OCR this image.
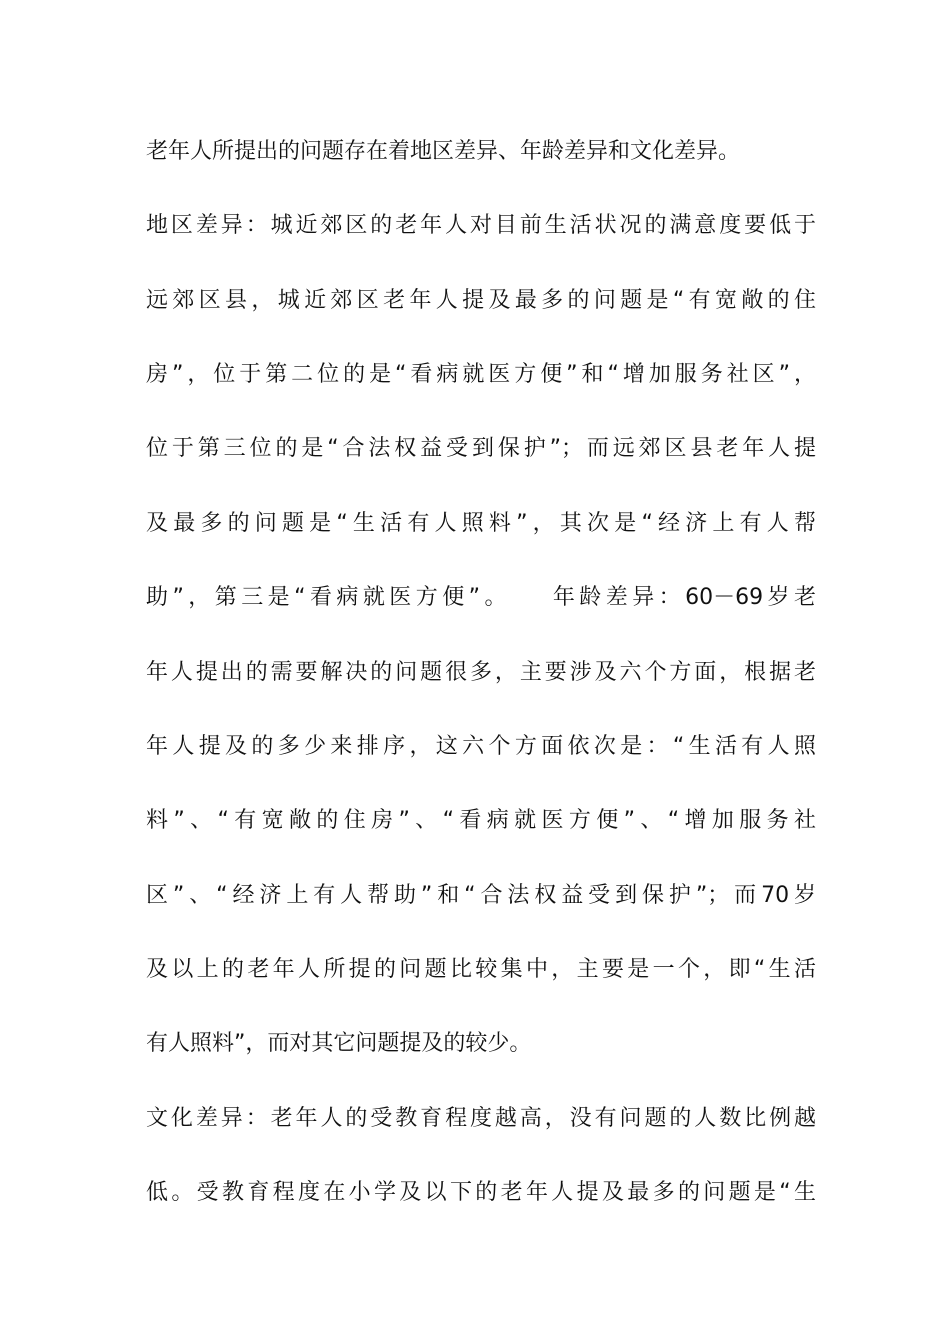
老年人所提出的问题存在着地区差异、年龄差异和文化差异。
地区差异：城近郊区的老年人对目前生活状况的满意度要低于
远郊区县，城近郊区老年人提及最多的问题是“有宽敞的住
房”，位于第二位的是“看病就医方便”和“增加服务社区”，
位于第三位的是“合法权益受到保护”；而远郊区县老年人提
及最多的问题是“生活有人照料”，其次是“经济上有人帮
助”，第三是“看病就医方便”。　　年龄差异：60－69岁老
年人提出的需要解决的问题很多，主要涉及六个方面，根据老
年人提及的多少来排序，这六个方面依次是：“生活有人照
料”、“有宽敞的住房”、“看病就医方便”、“增加服务社
区”、“经济上有人帮助”和“合法权益受到保护”；而70岁
及以上的老年人所提的问题比较集中，主要是一个，即“生活
有人照料”，而对其它问题提及的较少。
文化差异：老年人的受教育程度越高，没有问题的人数比例越
低。受教育程度在小学及以下的老年人提及最多的问题是“生
